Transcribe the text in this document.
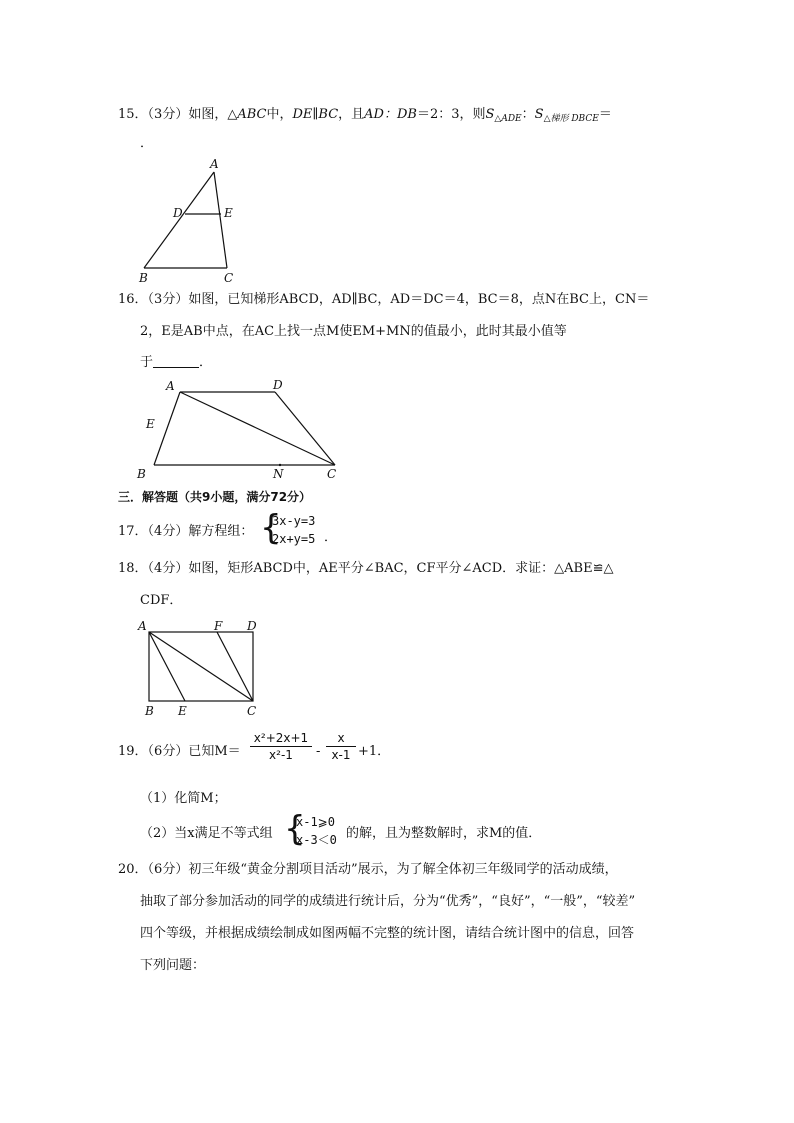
15．（3分）如图，△ABC中，DE∥BC，且AD：DB＝2：3，则$S_{\triangle ADE}$：$S_{\triangle 梯形 DBCE}=$
．
A
D	E
B	C
16．（3分）如图，已知梯形ABCD，AD∥BC，AD＝DC＝4，BC＝8，点N在BC上，CN＝
2，E是AB中点，在AC上找一点M使EM+MN的值最小，此时其最小值等
于	．
A	D
E
B	N	C
三．解答题（共9小题，满分72分）
17．（4分）解方程组： {
3x-y=3
2x+y=5 ．
18．（4分）如图，矩形ABCD中，AE平分∠BAC，CF平分∠ACD．求证：△ABE≌△
CDF．
A	F D
B E	C
19．（6分）已知M＝
x²+2x+1
x²-1	-
x
x-1 +1．
（1）化简M；
（2）当x满足不等式组 {
x-1⩾0
x-3＜0 的解，且为整数解时，求M的值．
20．（6分）初三年级“黄金分割项目活动”展示，为了解全体初三年级同学的活动成绩，
抽取了部分参加活动的同学的成绩进行统计后，分为“优秀”，“良好”，“一般”，“较差”
四个等级，并根据成绩绘制成如图两幅不完整的统计图，请结合统计图中的信息，回答
下列问题：
